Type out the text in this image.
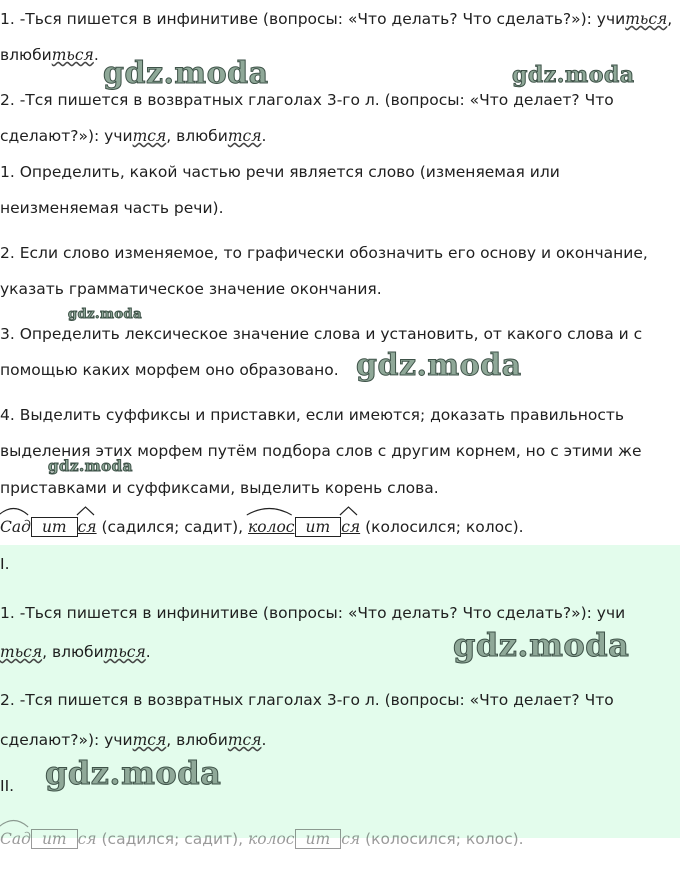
1. -Ться пишется в инфинитиве (вопросы: «Что делать? Что сделать?»): учиться,
влюбиться.
2. -Тся пишется в возвратных глаголах 3-го л. (вопросы: «Что делает? Что
сделают?»): учится, влюбится.
1. Определить, какой частью речи является слово (изменяемая или
неизменяемая часть речи).
2. Если слово изменяемое, то графически обозначить его основу и окончание,
указать грамматическое значение окончания.
3. Определить лексическое значение слова и установить, от какого слова и с
помощью каких морфем оно образовано.
4. Выделить суффиксы и приставки, если имеются; доказать правильность
выделения этих морфем путём подбора слов с другим корнем, но с этими же
приставками и суффиксами, выделить корень слова.
Сад ит ся (садился; садит),
колос ит ся (колосился; колос).
I.
1. -Ться пишется в инфинитиве (вопросы: «Что делать? Что сделать?»): учи
ться, влюбиться.
2. -Тся пишется в возвратных глаголах 3-го л. (вопросы: «Что делает? Что
сделают?»): учится, влюбится.
II.
Сад ит ся (садился; садит), колос ит ся (колосился; колос).
gdz.moda	gdz.moda
gdz.moda
gdz.moda
gdz.moda
gdz.moda
gdz.moda
